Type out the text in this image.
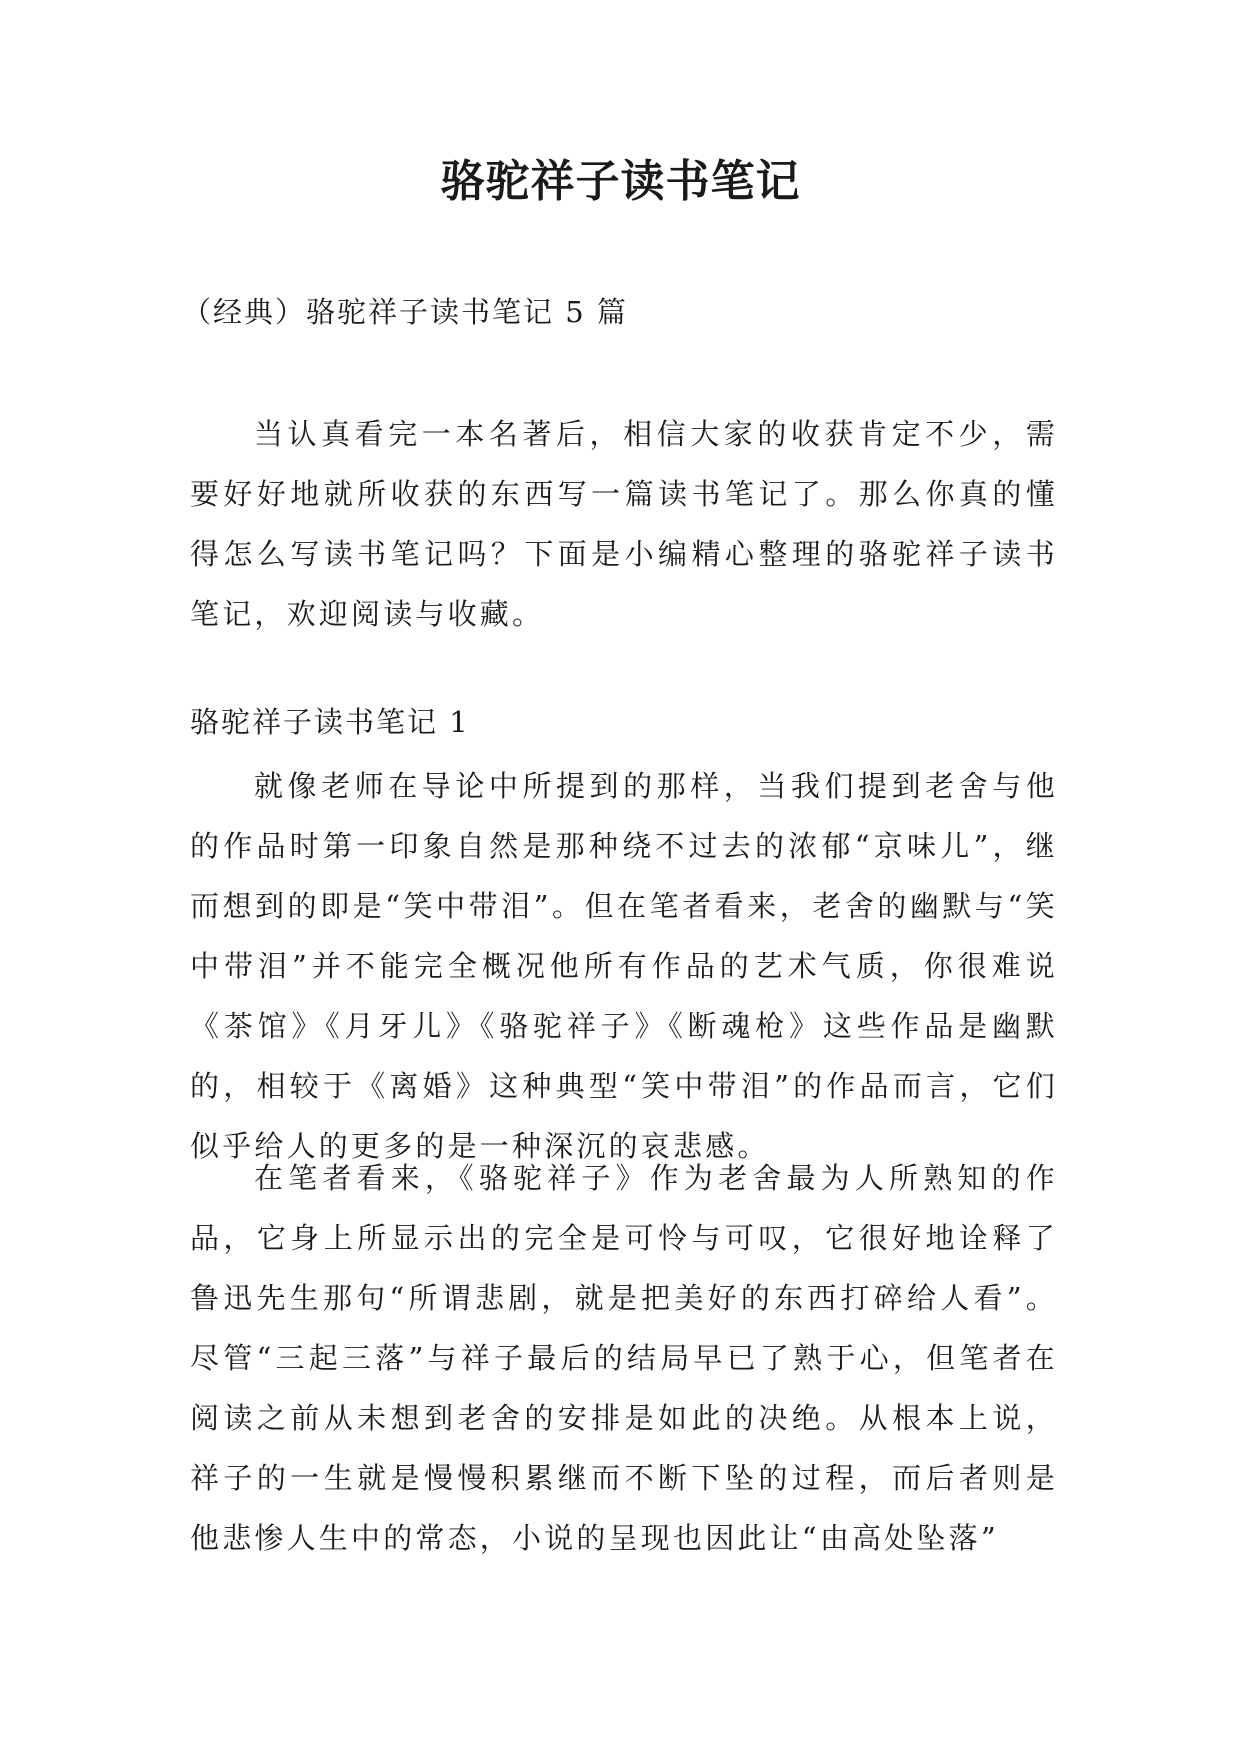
骆驼祥子读书笔记
（经典）骆驼祥子读书笔记 5 篇

当认真看完一本名著后，相信大家的收获肯定不少，需要好好地就所收获的东西写一篇读书笔记了。那么你真的懂得怎么写读书笔记吗？下面是小编精心整理的骆驼祥子读书笔记，欢迎阅读与收藏。

骆驼祥子读书笔记 1

就像老师在导论中所提到的那样，当我们提到老舍与他的作品时第一印象自然是那种绕不过去的浓郁“京味儿”，继而想到的即是“笑中带泪”。但在笔者看来，老舍的幽默与“笑中带泪”并不能完全概况他所有作品的艺术气质，你很难说《茶馆》《月牙儿》《骆驼祥子》《断魂枪》这些作品是幽默的，相较于《离婚》这种典型“笑中带泪”的作品而言，它们似乎给人的更多的是一种深沉的哀悲感。

在笔者看来，《骆驼祥子》作为老舍最为人所熟知的作品，它身上所显示出的完全是可怜与可叹，它很好地诠释了鲁迅先生那句“所谓悲剧，就是把美好的东西打碎给人看”。尽管“三起三落”与祥子最后的结局早已了熟于心，但笔者在阅读之前从未想到老舍的安排是如此的决绝。从根本上说，祥子的一生就是慢慢积累继而不断下坠的过程，而后者则是他悲惨人生中的常态，小说的呈现也因此让“由高处坠落”
